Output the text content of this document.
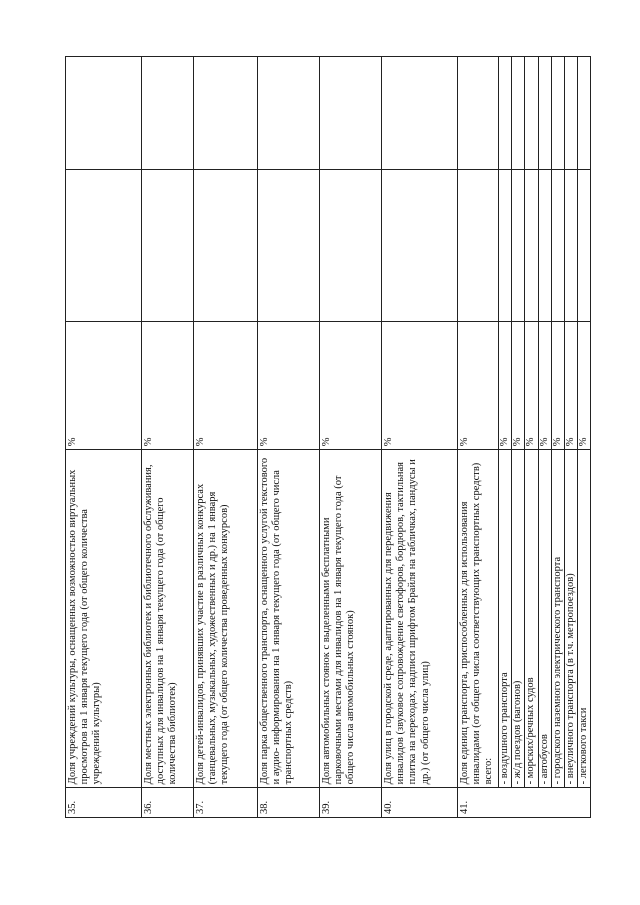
35.	Доля учреждений культуры, оснащенных возможностью виртуальных просмотров на 1 января текущего года (от общего количества учреждений культуры)	%		
36.	Доля местных электронных библиотек и библиотечного обслуживания, доступных для инвалидов на 1 января текущего года (от общего количества библиотек)	%		
37.	Доля детей-инвалидов, принявших участие в различных конкурсах (танцевальных, музыкальных, художественных и др.) на 1 января текущего года (от общего количества проведенных конкурсов)	%		
38.	Доля парка общественного транспорта, оснащенного услугой текстового и аудио- информирования на 1 января текущего года (от общего числа транспортных средств)	%		
39.	Доля автомобильных стоянок с выделенными бесплатными парковочными местами для инвалидов на 1 января текущего года (от общего числа автомобильных стоянок)	%		
40.	Доля улиц в городской среде, адаптированных для передвижения инвалидов (звуковое сопровождение светофоров, бордюров, тактильная плитка на переходах, надписи шрифтом Брайля на табличках, пандусы и др.) (от общего числа улиц)	%		
41.	Доля единиц транспорта, приспособленных для использования инвалидами (от общего числа соответствующих транспортных средств) всего:	%		
	- воздушного транспорта	%		
	- ж/д поездов (вагонов)	%		
	- морских/речных судов	%		
	- автобусов	%		
	- городского наземного электрического транспорта	%		
	- внеуличного транспорта (в т.ч. метропоездов)	%		
	- легкового такси	%		
